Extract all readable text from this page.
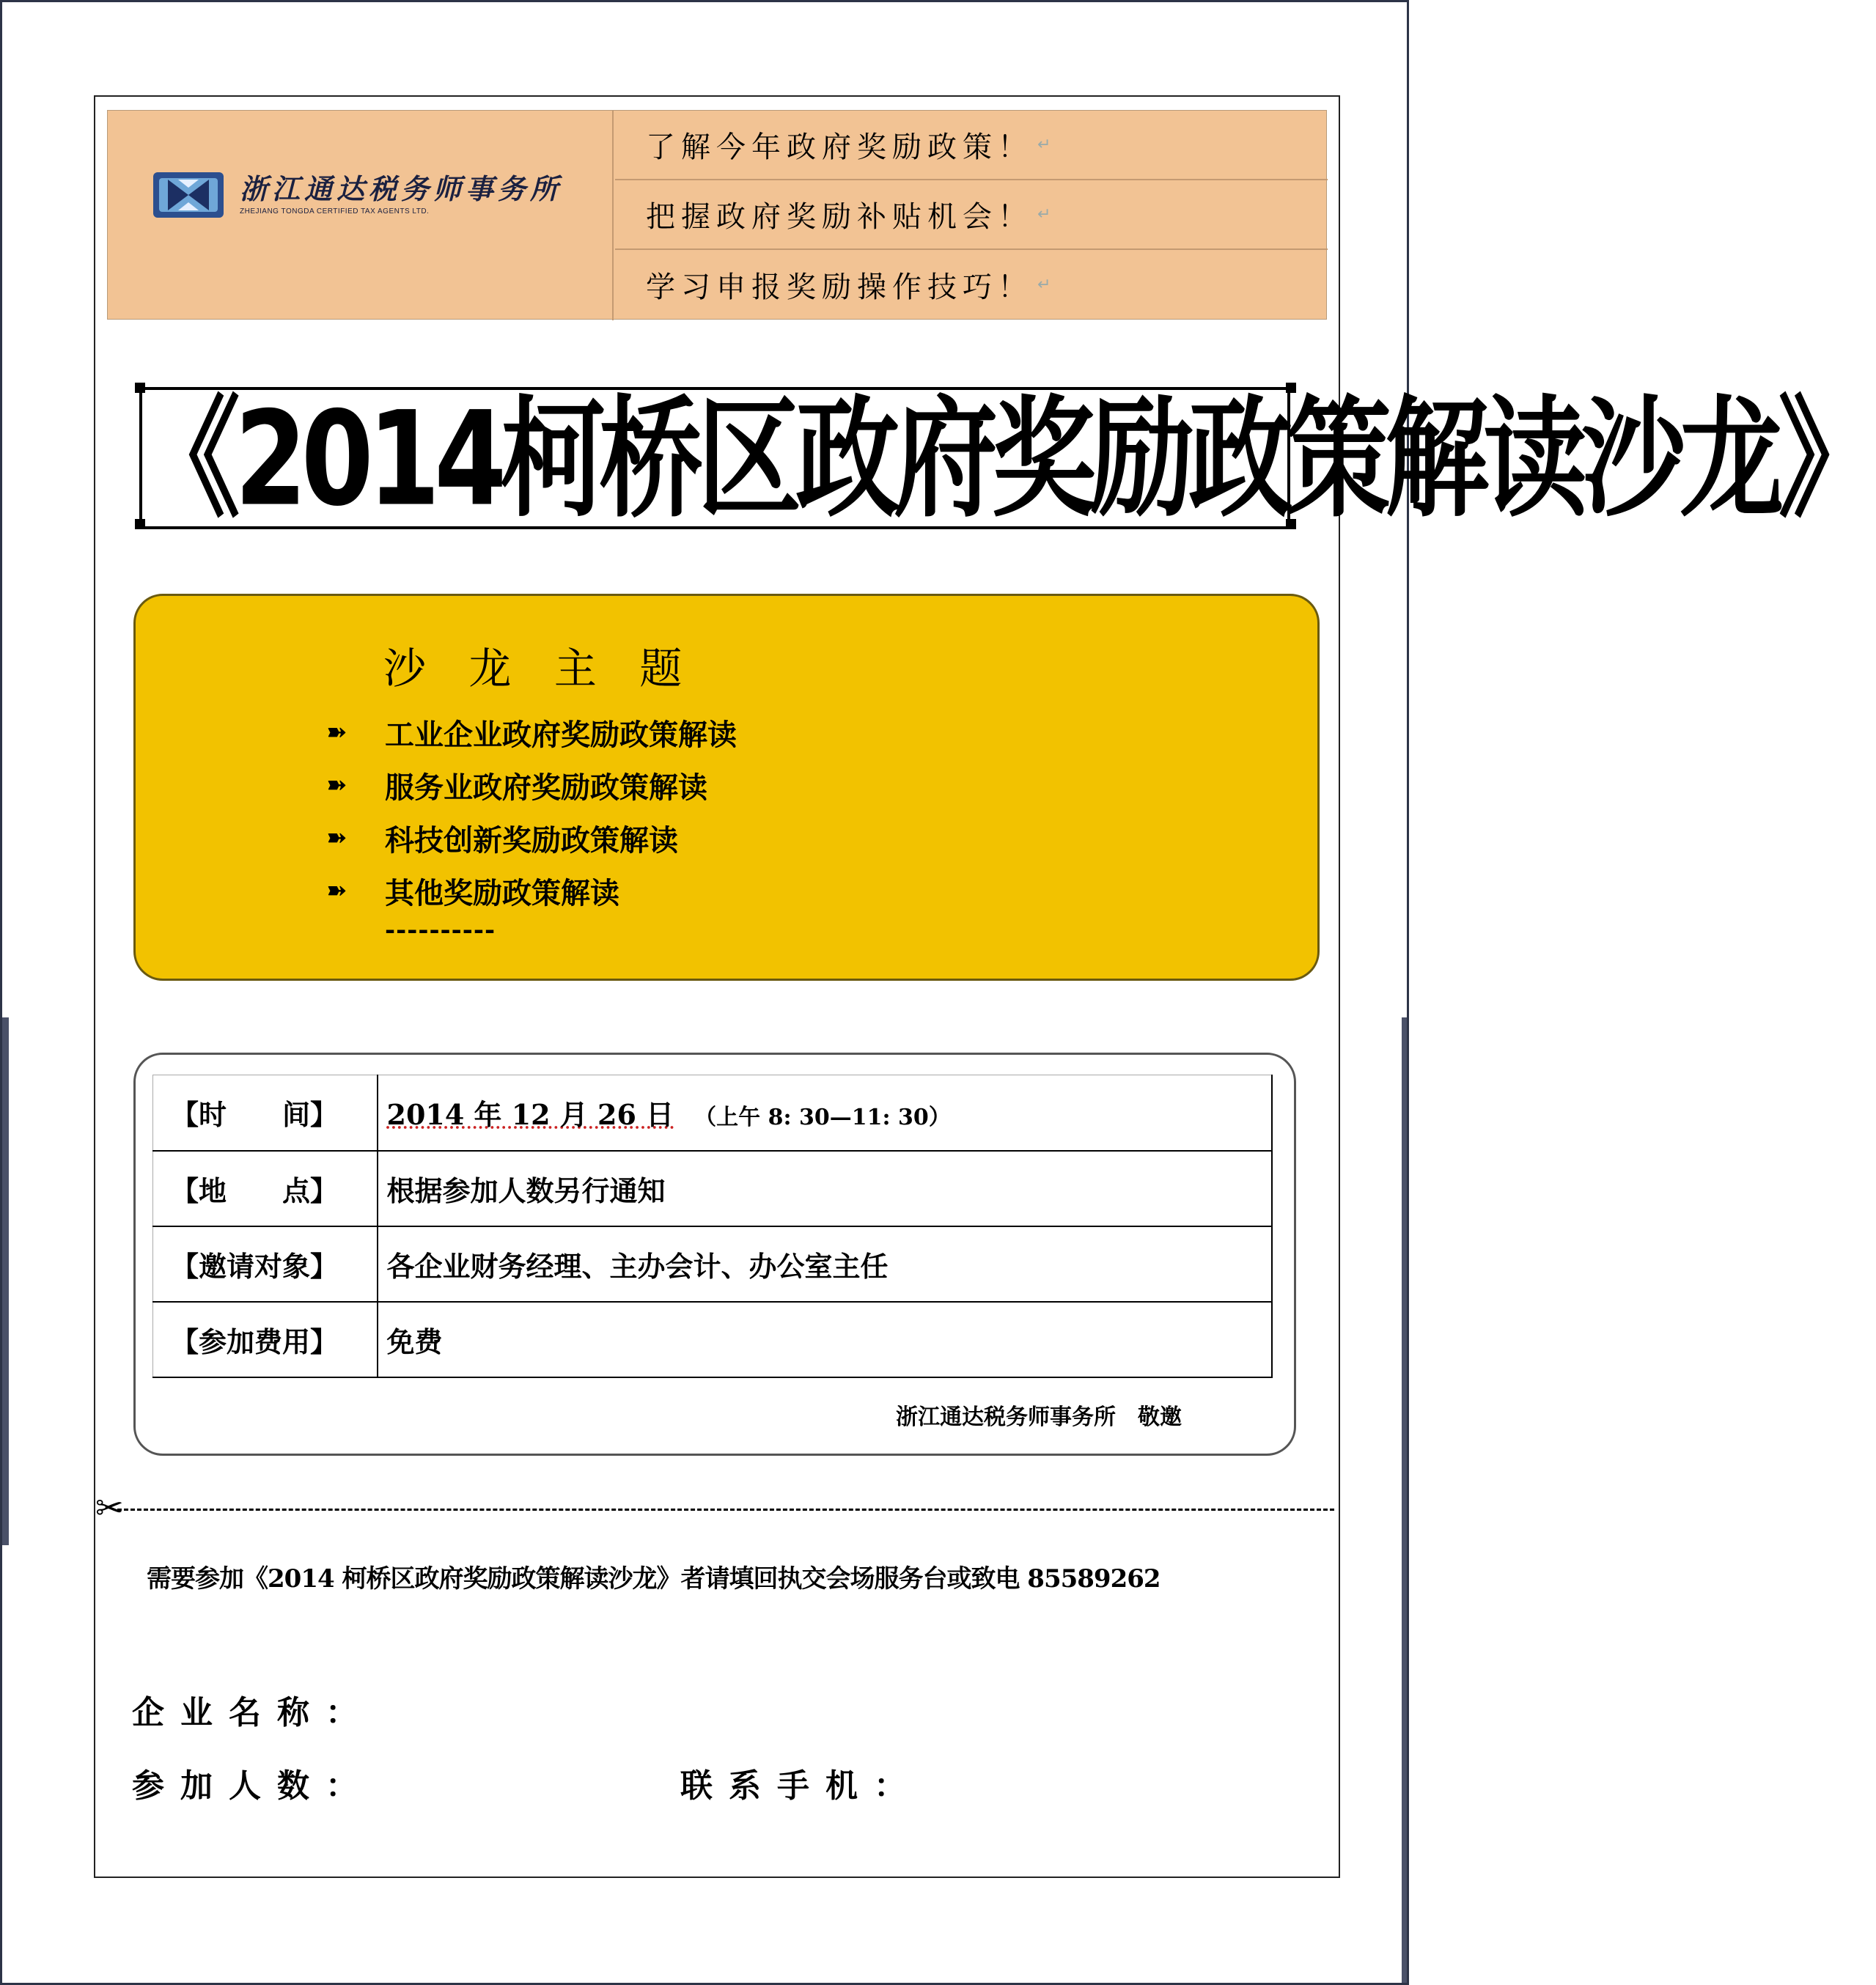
浙江通达税务师事务所
ZHEJIANG TONGDA CERTIFIED TAX AGENTS LTD.
了解今年政府奖励政策！ ↵
把握政府奖励补贴机会！ ↵
学习申报奖励操作技巧！ ↵
《2014柯桥区政府奖励政策解读沙龙》
沙 龙 主 题
➽	工业企业政府奖励政策解读
➽	服务业政府奖励政策解读
➽	科技创新奖励政策解读
➽	其他奖励政策解读
----------
【时　　间】	2014 年 12 月 26 日 （上午 8: 30—11: 30）
【地　　点】	根据参加人数另行通知
【邀请对象】	各企业财务经理、主办会计、办公室主任
【参加费用】	免费
浙江通达税务师事务所　敬邀
✂
需要参加《2014 柯桥区政府奖励政策解读沙龙》者请填回执交会场服务台或致电 85589262
企业名称：
参加人数：	联系手机：
